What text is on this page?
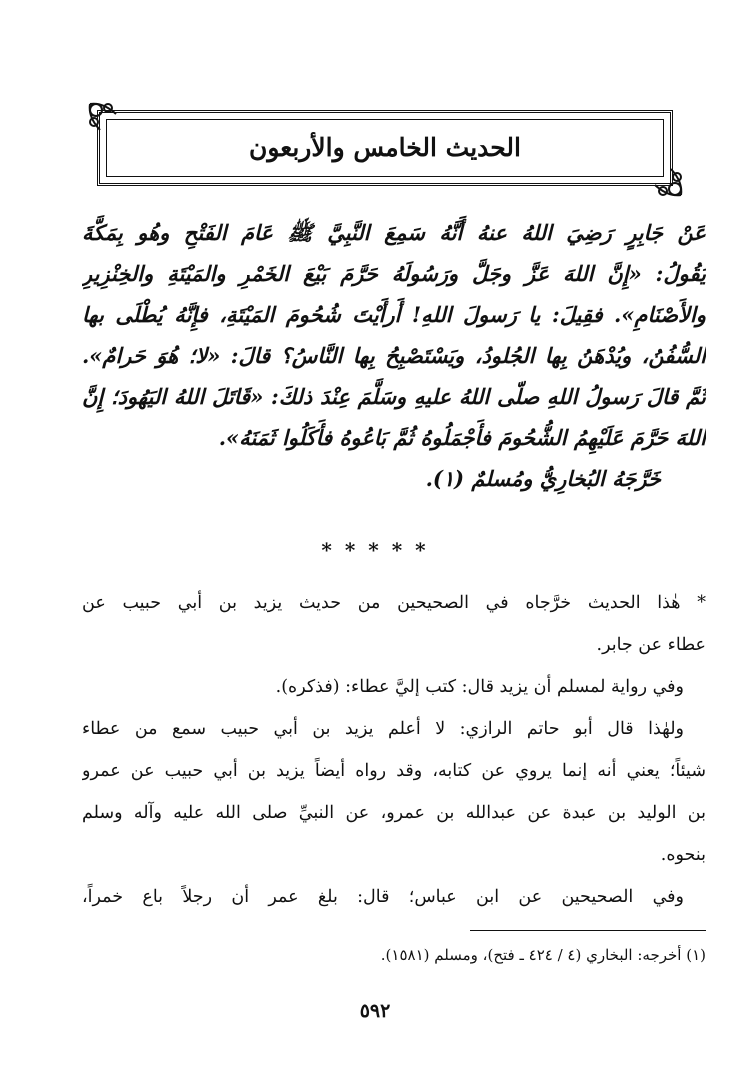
الحديث الخامس والأربعون
عَنْ جَابِرٍ رَضِيَ اللهُ عنهُ أَنَّهُ سَمِعَ النَّبِيَّ ﷺ عَامَ الفَتْحِ وهُو بِمَكَّةَ
يَقُولُ: «إِنَّ اللهَ عَزَّ وجَلَّ ورَسُولَهُ حَرَّمَ بَيْعَ الخَمْرِ والمَيْتَةِ والخِنْزِيرِ
والأَصْنَامِ». فقِيلَ: يا رَسولَ اللهِ! أَرأَيْتَ شُحُومَ المَيْتَةِ، فإِنَّهُ يُطْلَى بها
السُّفُنُ، ويُدْهَنُ بِها الجُلودُ، ويَسْتَصْبِحُ بِها النَّاسُ؟ قالَ: «لا؛ هُوَ حَرامٌ».
ثُمَّ قالَ رَسولُ اللهِ صلّى اللهُ عليهِ وسَلَّمَ عِنْدَ ذلكَ: «قَاتَلَ اللهُ اليَهُودَ؛ إِنَّ
اللهَ حَرَّمَ عَلَيْهِمُ الشُّحُومَ فأَجْمَلُوهُ ثُمَّ بَاعُوهُ فأَكَلُوا ثَمَنَهُ».
خَرَّجَهُ البُخارِيُّ ومُسلمٌ (١).
* * * * *
* هٰذا الحديث خرَّجاه في الصحيحين من حديث يزيد بن أبي حبيب عن
عطاء عن جابر.
وفي رواية لمسلم أن يزيد قال: كتب إليَّ عطاء: (فذكره).
ولهٰذا قال أبو حاتم الرازي: لا أعلم يزيد بن أبي حبيب سمع من عطاء
شيئاً؛ يعني أنه إنما يروي عن كتابه، وقد رواه أيضاً يزيد بن أبي حبيب عن عمرو
بن الوليد بن عبدة عن عبدالله بن عمرو، عن النبيِّ صلى الله عليه وآله وسلم
بنحوه.
وفي الصحيحين عن ابن عباس؛ قال: بلغ عمر أن رجلاً باع خمراً،
(١) أخرجه: البخاري (٤ / ٤٢٤ ـ فتح)، ومسلم (١٥٨١).
٥٩٢
